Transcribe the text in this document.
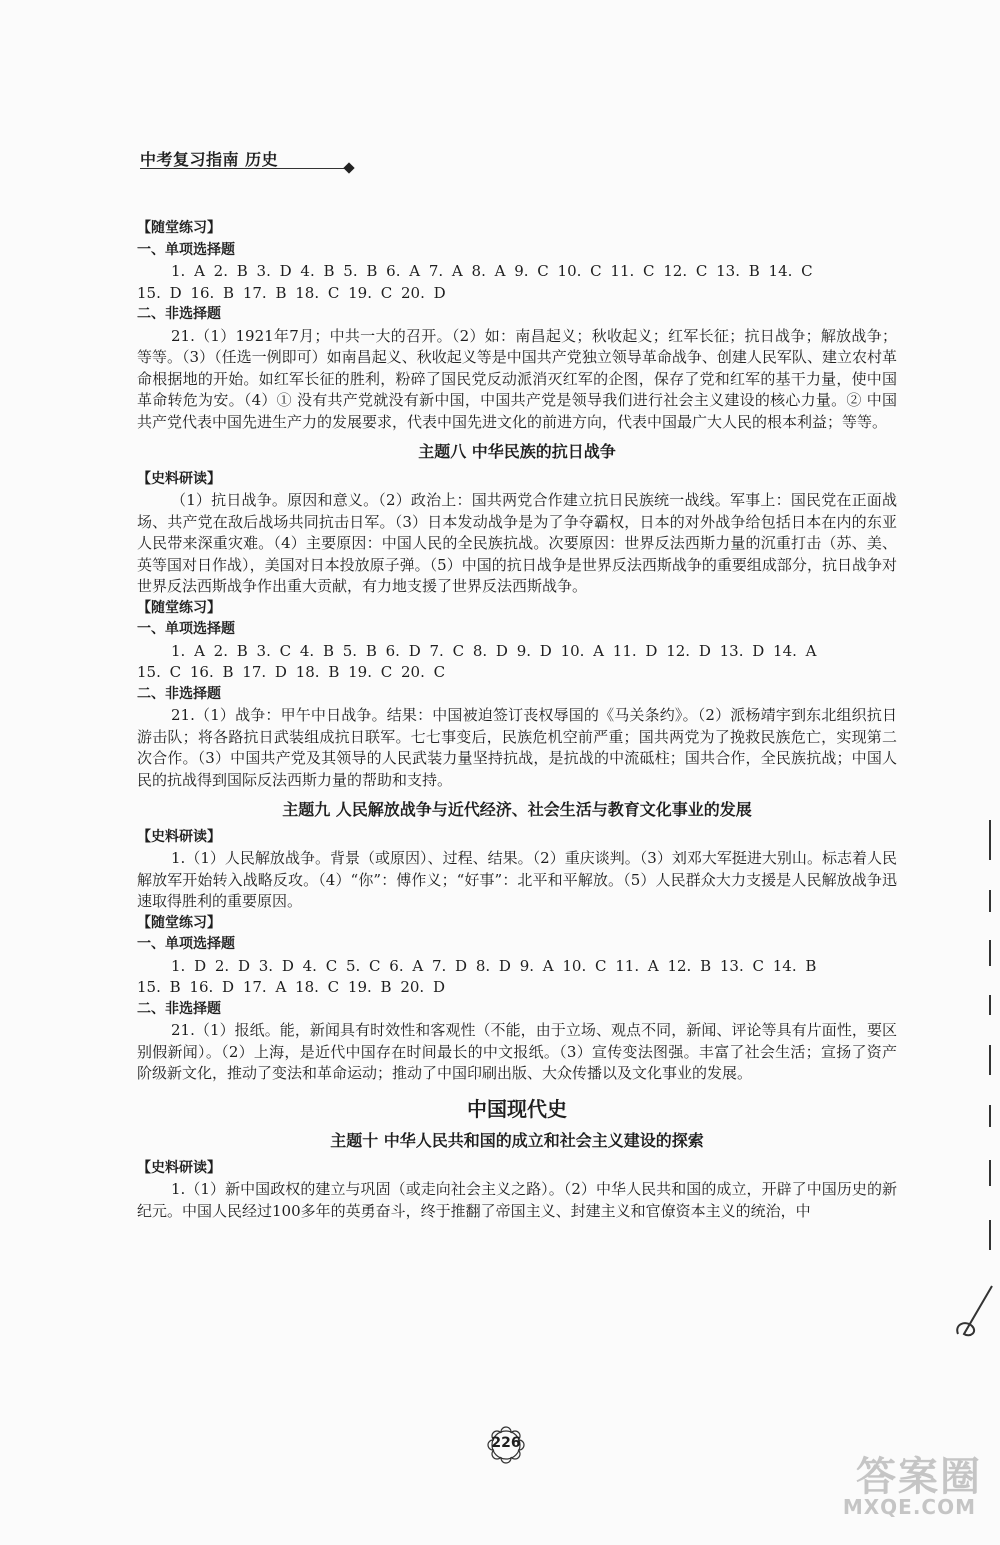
中考复习指南 历史
【随堂练习】
一、单项选择题
1. A 2. B 3. D 4. B 5. B 6. A 7. A 8. A 9. C 10. C 11. C 12. C 13. B 14. C
15. D 16. B 17. B 18. C 19. C 20. D
二、非选择题
21.（1）1921年7月；中共一大的召开。（2）如：南昌起义；秋收起义；红军长征；抗日战争；解放战争；等等。（3）（任选一例即可）如南昌起义、秋收起义等是中国共产党独立领导革命战争、创建人民军队、建立农村革命根据地的开始。如红军长征的胜利，粉碎了国民党反动派消灭红军的企图，保存了党和红军的基干力量，使中国革命转危为安。（4）① 没有共产党就没有新中国，中国共产党是领导我们进行社会主义建设的核心力量。② 中国共产党代表中国先进生产力的发展要求，代表中国先进文化的前进方向，代表中国最广大人民的根本利益；等等。
主题八 中华民族的抗日战争
【史料研读】
（1）抗日战争。原因和意义。（2）政治上：国共两党合作建立抗日民族统一战线。军事上：国民党在正面战场、共产党在敌后战场共同抗击日军。（3）日本发动战争是为了争夺霸权，日本的对外战争给包括日本在内的东亚人民带来深重灾难。（4）主要原因：中国人民的全民族抗战。次要原因：世界反法西斯力量的沉重打击（苏、美、英等国对日作战），美国对日本投放原子弹。（5）中国的抗日战争是世界反法西斯战争的重要组成部分，抗日战争对世界反法西斯战争作出重大贡献，有力地支援了世界反法西斯战争。
【随堂练习】
一、单项选择题
1. A 2. B 3. C 4. B 5. B 6. D 7. C 8. D 9. D 10. A 11. D 12. D 13. D 14. A
15. C 16. B 17. D 18. B 19. C 20. C
二、非选择题
21.（1）战争：甲午中日战争。结果：中国被迫签订丧权辱国的《马关条约》。（2）派杨靖宇到东北组织抗日游击队；将各路抗日武装组成抗日联军。七七事变后，民族危机空前严重；国共两党为了挽救民族危亡，实现第二次合作。（3）中国共产党及其领导的人民武装力量坚持抗战，是抗战的中流砥柱；国共合作，全民族抗战；中国人民的抗战得到国际反法西斯力量的帮助和支持。
主题九 人民解放战争与近代经济、社会生活与教育文化事业的发展
【史料研读】
1.（1）人民解放战争。背景（或原因）、过程、结果。（2）重庆谈判。（3）刘邓大军挺进大别山。标志着人民解放军开始转入战略反攻。（4）“你”：傅作义；“好事”：北平和平解放。（5）人民群众大力支援是人民解放战争迅速取得胜利的重要原因。
【随堂练习】
一、单项选择题
1. D 2. D 3. D 4. C 5. C 6. A 7. D 8. D 9. A 10. C 11. A 12. B 13. C 14. B
15. B 16. D 17. A 18. C 19. B 20. D
二、非选择题
21.（1）报纸。能，新闻具有时效性和客观性（不能，由于立场、观点不同，新闻、评论等具有片面性，要区别假新闻）。（2）上海，是近代中国存在时间最长的中文报纸。（3）宣传变法图强。丰富了社会生活；宣扬了资产阶级新文化，推动了变法和革命运动；推动了中国印刷出版、大众传播以及文化事业的发展。
中国现代史
主题十 中华人民共和国的成立和社会主义建设的探索
【史料研读】
1.（1）新中国政权的建立与巩固（或走向社会主义之路）。（2）中华人民共和国的成立，开辟了中国历史的新纪元。中国人民经过100多年的英勇奋斗，终于推翻了帝国主义、封建主义和官僚资本主义的统治，中
226
答案圈
MXQE.COM
